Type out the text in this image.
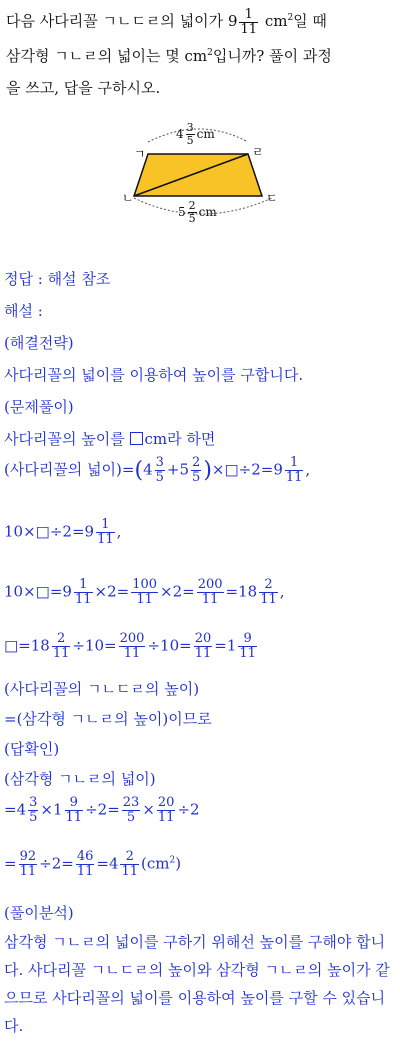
다음 사다리꼴 ㄱㄴㄷㄹ의 넓이가 $9 \frac{1}{11} cm^2$일 때
삼각형 ㄱㄴㄹ의 넓이는 몇 $cm^2$입니까? 풀이 과정
을 쓰고, 답을 구하시오.
ㄱ	ㄹ
ㄴ	ㄷ
$4 \frac{3}{5}$ cm
$5 \frac{2}{5}$ cm
정답 : 해설 참조
해설 :
(해결전략)
사다리꼴의 넓이를 이용하여 높이를 구합니다.
(문제풀이)
사다리꼴의 높이를 cm라 하면
(사다리꼴의 넓이)$=(4 \frac{3}{5} +5 \frac{2}{5}$ )×□÷2=9 $\frac{1}{11}$ ,
10×□÷2=9 $\frac{1}{11}$ ,
10×□=9 $\frac{1}{11} \times 2= \frac{100}{11} \times 2= \frac{200}{11} =18 \frac{2}{11}$ ,
□=18 $\frac{2}{11} \div 10= \frac{200}{11} \div 10= \frac{20}{11} =1 \frac{9}{11}$
(사다리꼴의 ㄱㄴㄷㄹ의 높이)
=(삼각형 ㄱㄴㄹ의 높이)이므로
(답확인)
(삼각형 ㄱㄴㄹ의 넓이)
$=4 \frac{3}{5} \times 1 \frac{9}{11} \div 2= \frac{23}{5} \times \frac{20}{11} \div 2$
= $\frac{92}{11} \div 2= \frac{46}{11} =4 \frac{2}{11} (cm^2)$
(풀이분석)
삼각형 ㄱㄴㄹ의 넓이를 구하기 위해선 높이를 구해야 합니다. 사다리꼴 ㄱㄴㄷㄹ의 높이와 삼각형 ㄱㄴㄹ의 높이가 같으므로 사다리꼴의 넓이를 이용하여 높이를 구할 수 있습니다.
